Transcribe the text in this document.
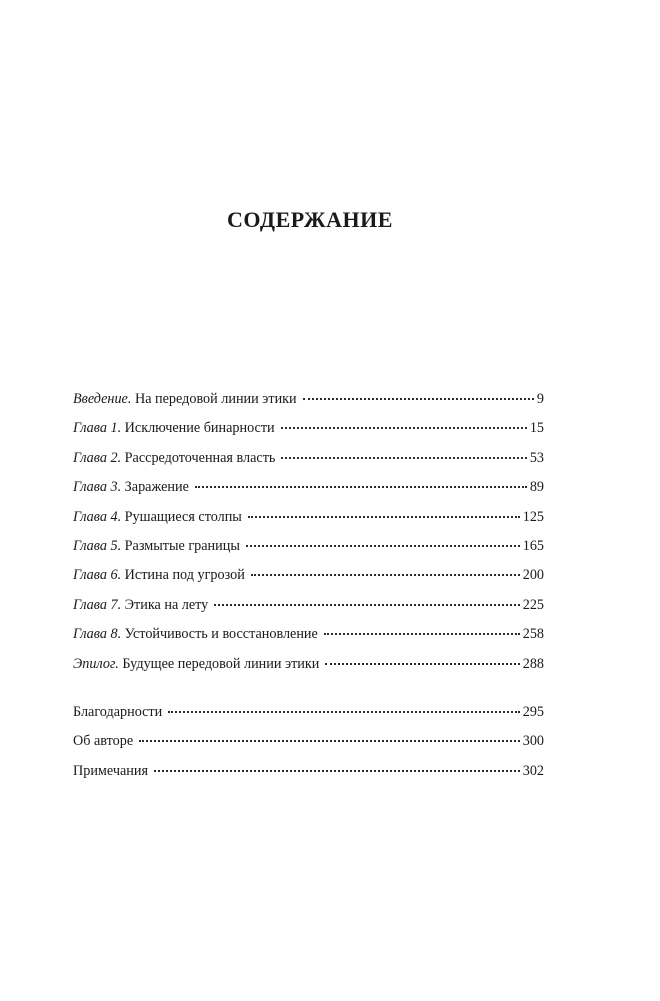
СОДЕРЖАНИЕ
Введение. На передовой линии этики	9
Глава 1. Исключение бинарности	15
Глава 2. Рассредоточенная власть	53
Глава 3. Заражение	89
Глава 4. Рушащиеся столпы	125
Глава 5. Размытые границы	165
Глава 6. Истина под угрозой	200
Глава 7. Этика на лету	225
Глава 8. Устойчивость и восстановление	258
Эпилог. Будущее передовой линии этики	288
Благодарности	295
Об авторе	300
Примечания	302
